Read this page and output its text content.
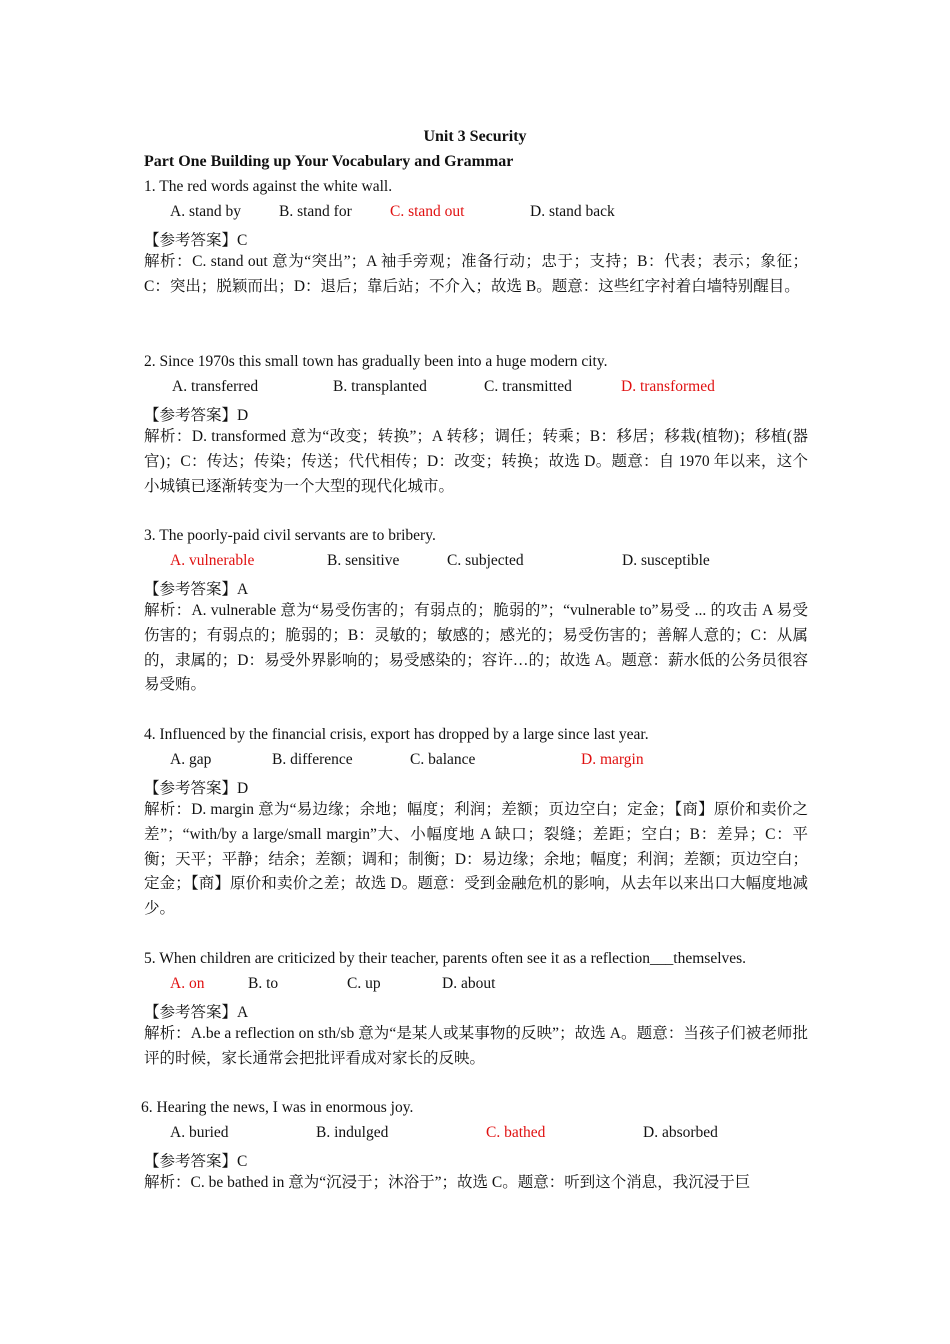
Unit 3 Security
Part One Building up Your Vocabulary and Grammar
1. The red words against the white wall.
A. stand by B. stand for C. stand out	D. stand back
【参考答案】C
解析：C. stand out 意为“突出”；A 袖手旁观；准备行动；忠于；支持；B：代表；表示；象征；C：突出；脱颖而出；D：退后；靠后站；不介入；故选 B。题意：这些红字衬着白墙特别醒目。
2. Since 1970s this small town has gradually been into a huge modern city.
A. transferred	B. transplanted	C. transmitted	D. transformed
【参考答案】D
解析：D. transformed 意为“改变；转换”；A 转移；调任；转乘；B：移居；移栽(植物)；移植(器官)；C：传达；传染；传送；代代相传；D：改变；转换；故选 D。题意：自 1970 年以来，这个小城镇已逐渐转变为一个大型的现代化城市。
3. The poorly-paid civil servants are to bribery.
A. vulnerable	B. sensitive	C. subjected	D. susceptible
【参考答案】A
解析：A. vulnerable 意为“易受伤害的；有弱点的；脆弱的”；“vulnerable to”易受 ... 的攻击 A 易受伤害的；有弱点的；脆弱的；B：灵敏的；敏感的；感光的；易受伤害的；善解人意的；C：从属的，隶属的；D：易受外界影响的；易受感染的；容许…的；故选 A。题意：薪水低的公务员很容易受贿。
4. Influenced by the financial crisis, export has dropped by a large since last year.
A. gap	B. difference	C. balance	D. margin
【参考答案】D
解析：D. margin 意为“易边缘；余地；幅度；利润；差额；页边空白；定金；【商】原价和卖价之差”；“with/by a large/small margin”大、小幅度地 A 缺口；裂缝；差距；空白；B：差异；C：平衡；天平；平静；结余；差额；调和；制衡；D：易边缘；余地；幅度；利润；差额；页边空白；定金；【商】原价和卖价之差；故选 D。题意：受到金融危机的影响，从去年以来出口大幅度地减少。
5. When children are criticized by their teacher, parents often see it as a reflection___themselves.
A. on	B. to	C. up	D. about
【参考答案】A
解析：A.be a reflection on sth/sb 意为“是某人或某事物的反映”；故选 A。题意：当孩子们被老师批评的时候，家长通常会把批评看成对家长的反映。
6. Hearing the news, I was in enormous joy.
A. buried	B. indulged	C. bathed	D. absorbed
【参考答案】C
解析：C. be bathed in 意为“沉浸于；沐浴于”；故选 C。题意：听到这个消息，我沉浸于巨
